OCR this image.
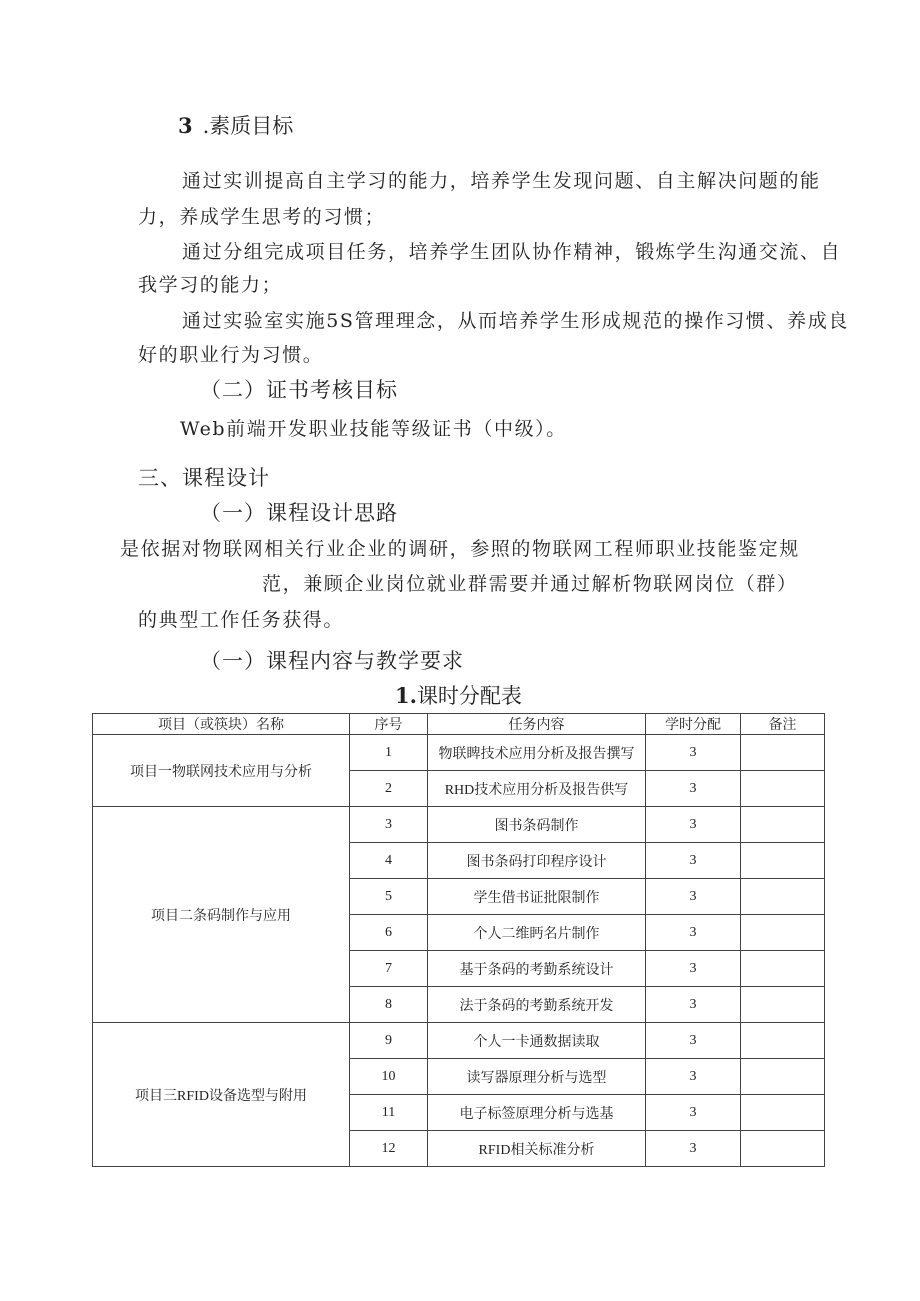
3 .素质目标

通过实训提高自主学习的能力，培养学生发现问题、自主解决问题的能

力，养成学生思考的习惯；

通过分组完成项目任务，培养学生团队协作精神，锻炼学生沟通交流、自

我学习的能力；

通过实验室实施5S管理理念，从而培养学生形成规范的操作习惯、养成良

好的职业行为习惯。

（二）证书考核目标

Web前端开发职业技能等级证书（中级）。

三、课程设计
（一）课程设计思路

是依据对物联网相关行业企业的调研，参照的物联网工程师职业技能鉴定规

范，兼顾企业岗位就业群需要并通过解析物联网岗位（群）

的典型工作任务获得。

（一）课程内容与教学要求
1.课时分配表
项目（或筷块）名称	序号	任务内容	学时分配	备注
项目一物联网技术应用与分析	1	物联睥技术应用分析及报告撰写	3	
	2	RHD技术应用分析及报告供写	3	
项目二条码制作与应用	3	图书条码制作	3	
	4	图书条码打印程序设计	3	
	5	学生借书证批限制作	3	
	6	个人二维眄名片制作	3	
	7	基于条码的考勤系统设计	3	
	8	法于条码的考勤系统开发	3	
项目三RFID设备选型与附用	9	个人一卡通数据读取	3	
	10	读写器原理分析与选型	3	
	11	电子标签原理分析与选基	3	
	12	RFID相关标准分析	3	
